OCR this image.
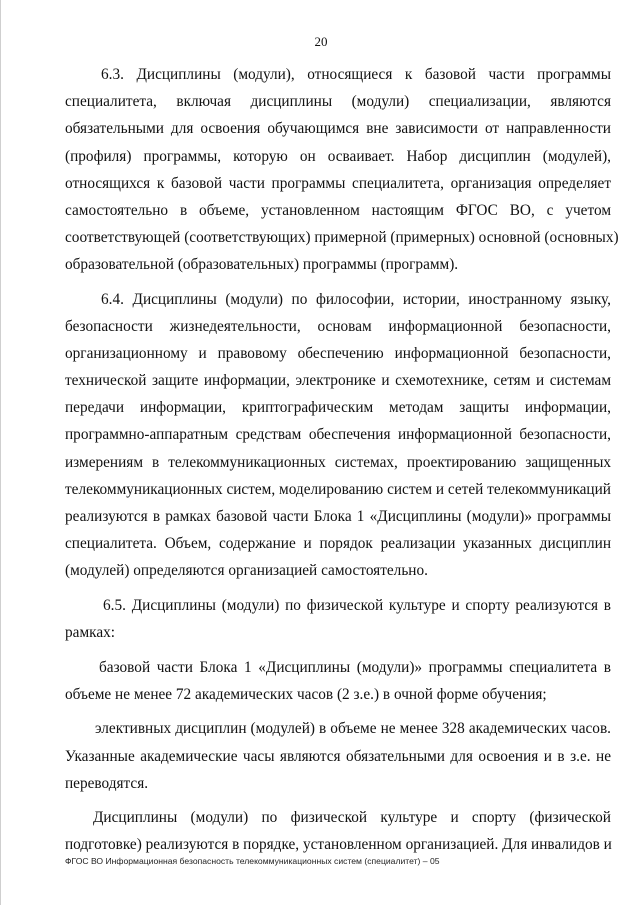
20
6.3. Дисциплины (модули), относящиеся к базовой части программы
специалитета, включая дисциплины (модули) специализации, являются
обязательными для освоения обучающимся вне зависимости от направленности
(профиля) программы, которую он осваивает. Набор дисциплин (модулей),
относящихся к базовой части программы специалитета, организация определяет
самостоятельно в объеме, установленном настоящим ФГОС ВО, с учетом
соответствующей (соответствующих) примерной (примерных) основной (основных)
образовательной (образовательных) программы (программ).
6.4. Дисциплины (модули) по философии, истории, иностранному языку,
безопасности жизнедеятельности, основам информационной безопасности,
организационному и правовому обеспечению информационной безопасности,
технической защите информации, электронике и схемотехнике, сетям и системам
передачи информации, криптографическим методам защиты информации,
программно-аппаратным средствам обеспечения информационной безопасности,
измерениям в телекоммуникационных системах, проектированию защищенных
телекоммуникационных систем, моделированию систем и сетей телекоммуникаций
реализуются в рамках базовой части Блока 1 «Дисциплины (модули)» программы
специалитета. Объем, содержание и порядок реализации указанных дисциплин
(модулей) определяются организацией самостоятельно.
6.5. Дисциплины (модули) по физической культуре и спорту реализуются в
рамках:
базовой части Блока 1 «Дисциплины (модули)» программы специалитета в
объеме не менее 72 академических часов (2 з.е.) в очной форме обучения;
элективных дисциплин (модулей) в объеме не менее 328 академических часов.
Указанные академические часы являются обязательными для освоения и в з.е. не
переводятся.
Дисциплины (модули) по физической культуре и спорту (физической
подготовке) реализуются в порядке, установленном организацией. Для инвалидов и
ФГОС ВО Информационная безопасность телекоммуникационных систем (специалитет) – 05
